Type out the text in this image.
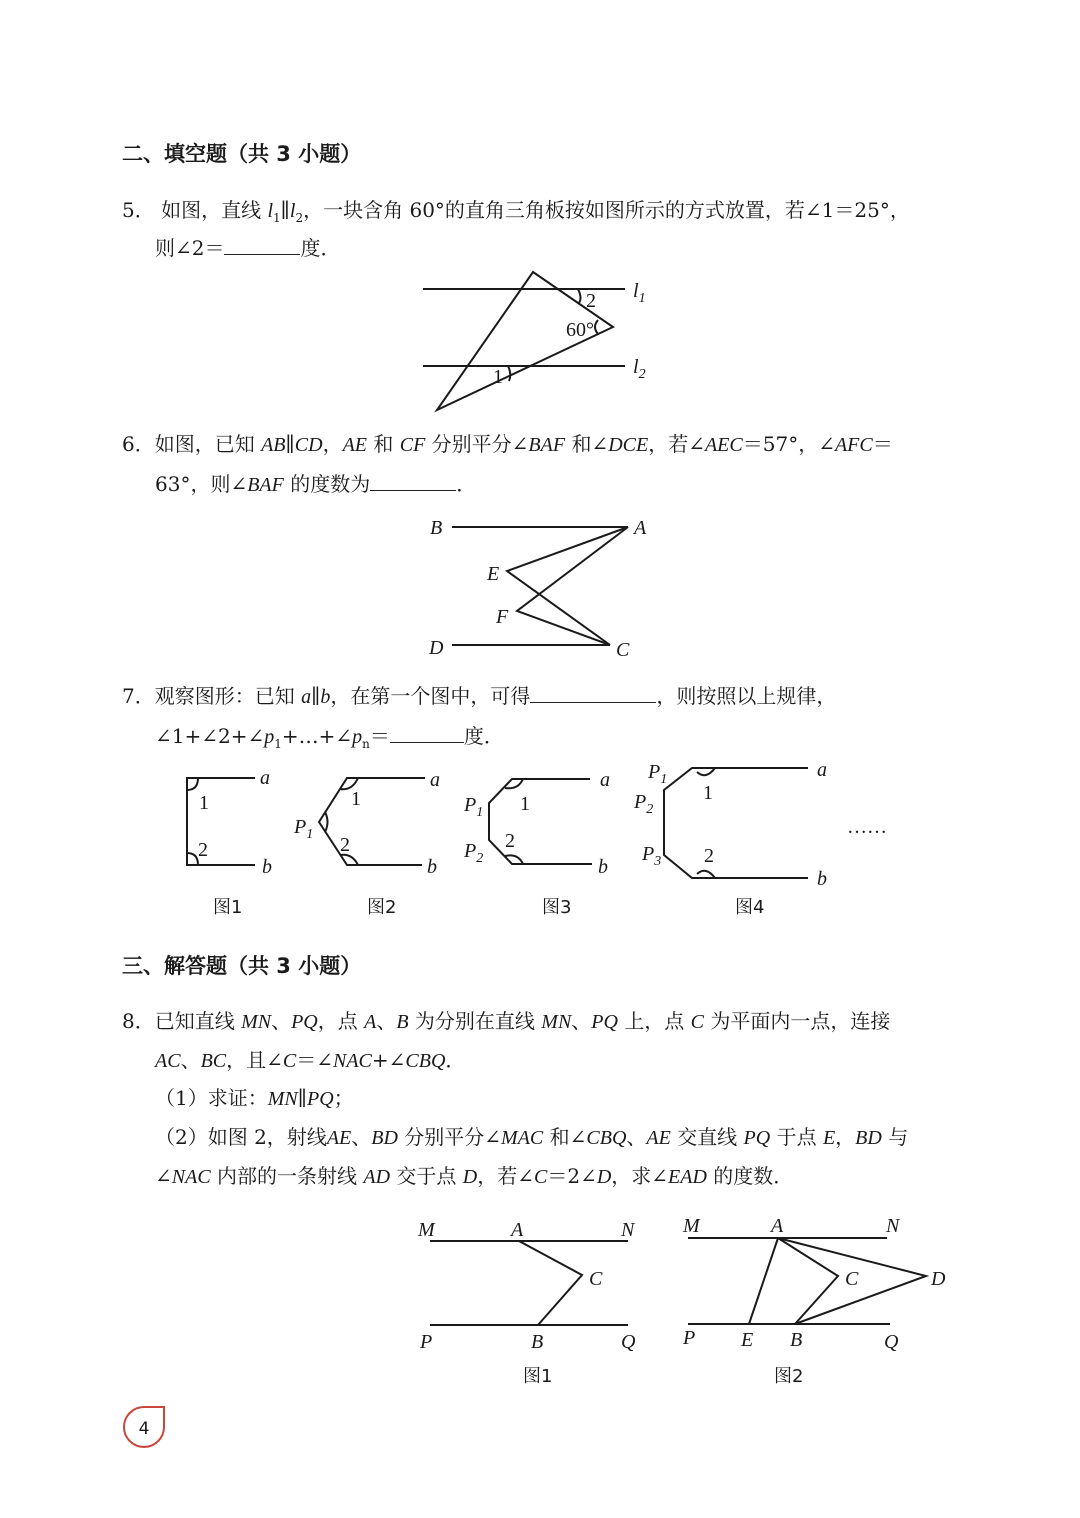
二、填空题（共 3 小题）
5． 如图，直线 $l_1\parallel l_2$，一块含角 60°的直角三角板按如图所示的方式放置，若∠1＝25°，
则∠2＝	度．
$l_1$
$l_2$
2
60°
1
6．如图，已知 AB∥CD，AE 和 CF 分别平分∠BAF 和∠DCE，若∠AEC＝57°，∠AFC＝
63°，则∠BAF 的度数为	．
B	A
E
F
D	C
7．观察图形：已知 a∥b，在第一个图中，可得	，则按照以上规律，
$\angle 1+\angle 2+\angle p_1+\dots+\angle p_n=$	度．
a
b
1
2
图1
a
b
1
2
$P_1$
图2
a
b
1
2
$P_1$
$P_2$
图3
a
b
1
2
$P_1$
$P_2$
$P_3$
图4
……
三、解答题（共 3 小题）
8．已知直线 MN、PQ，点 A、B 为分别在直线 MN、PQ 上，点 C 为平面内一点，连接
AC、BC，且∠C＝∠NAC+∠CBQ．
（1）求证：MN∥PQ；
（2）如图 2，射线AE、BD 分别平分∠MAC 和∠CBQ、AE 交直线 PQ 于点 E，BD 与
∠NAC 内部的一条射线 AD 交于点 D，若∠C＝2∠D，求∠EAD 的度数．
M	A	N
C
P	B	Q
图1
M	A	N
C	D
P E B	Q
图2
4
